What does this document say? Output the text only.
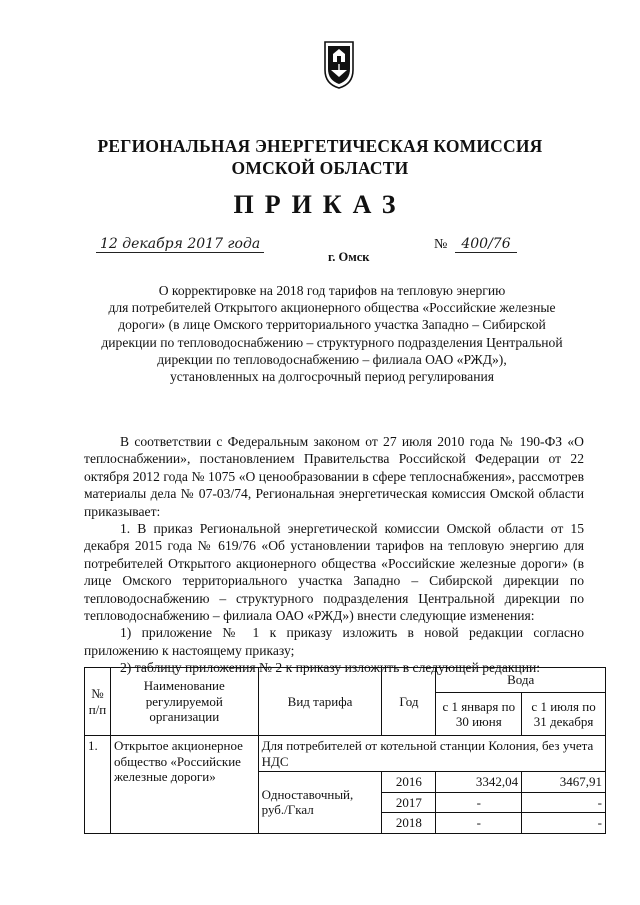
РЕГИОНАЛЬНАЯ ЭНЕРГЕТИЧЕСКАЯ КОМИССИЯ
ОМСКОЙ ОБЛАСТИ
ПРИКАЗ
12 декабря 2017 года
г. Омск
№ 400/76
О корректировке на 2018 год тарифов на тепловую энергию
для потребителей Открытого акционерного общества «Российские железные
дороги» (в лице Омского территориального участка Западно – Сибирской
дирекции по тепловодоснабжению – структурного подразделения Центральной
дирекции по тепловодоснабжению – филиала ОАО «РЖД»),
установленных на долгосрочный период регулирования

В соответствии с Федеральным законом от 27 июля 2010 года № 190-ФЗ «О теплоснабжении», постановлением Правительства Российской Федерации от 22 октября 2012 года № 1075 «О ценообразовании в сфере теплоснабжения», рассмотрев материалы дела № 07-03/74, Региональная энергетическая комиссия Омской области приказывает:

1. В приказ Региональной энергетической комиссии Омской области от 15 декабря 2015 года № 619/76 «Об установлении тарифов на тепловую энергию для потребителей Открытого акционерного общества «Российские железные дороги» (в лице Омского территориального участка Западно – Сибирской дирекции по тепловодоснабжению – структурного подразделения Центральной дирекции по тепловодоснабжению – филиала ОАО «РЖД») внести следующие изменения:

1) приложение № 1 к приказу изложить в новой редакции согласно приложению к настоящему приказу;

2) таблицу приложения № 2 к приказу изложить в следующей редакции:

№ п/п	Наименование регулируемой организации	Вид тарифа	Год	Вода	
				с 1 января по 30 июня	с 1 июля по 31 декабря
1.	Открытое акционерное общество «Российские железные дороги»	Для потребителей от котельной станции Колония, без учета НДС			
		Одноставочный, руб./Гкал	2016	3342,04	3467,91
			2017	-	-
			2018	-	-
